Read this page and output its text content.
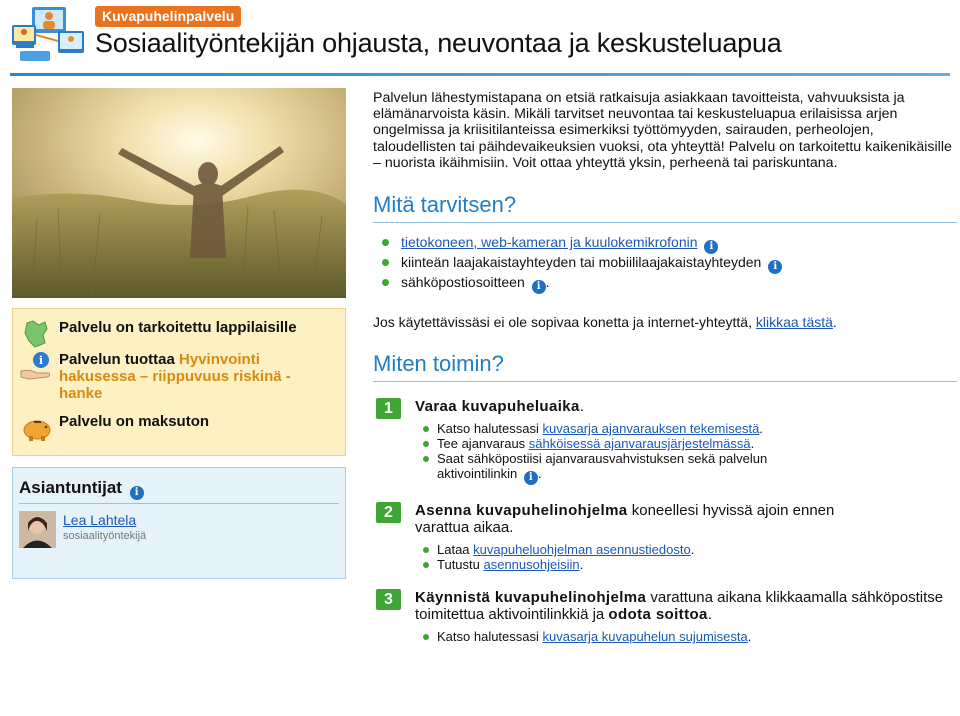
Kuvapuhelinpalvelu
Sosiaalityöntekijän ohjausta, neuvontaa ja keskusteluapua
Palvelu on tarkoitettu lappilaisille
i Palvelun tuottaa Hyvinvointi hakusessa – riippuvuus riskinä -hanke
Palvelu on maksuton
Asiantuntijat i
Lea Lahtela
sosiaalityöntekijä

Palvelun lähestymistapana on etsiä ratkaisuja asiakkaan tavoitteista, vahvuuksista ja elämänarvoista käsin. Mikäli tarvitset neuvontaa tai keskusteluapua erilaisissa arjen ongelmissa ja kriisitilanteissa esimerkiksi työttömyyden, sairauden, perheolojen, taloudellisten tai päihdevaikeuksien vuoksi, ota yhteyttä! Palvelu on tarkoitettu kaikenikäisille – nuorista ikäihmisiin. Voit ottaa yhteyttä yksin, perheenä tai pariskuntana.

Mitä tarvitsen?
tietokoneen, web-kameran ja kuulokemikrofonin i
kiinteän laajakaistayhteyden tai mobiililaajakaistayhteyden i
sähköpostiosoitteen i .

Jos käytettävissäsi ei ole sopivaa konetta ja internet-yhteyttä, klikkaa tästä.

Miten toimin?
1	Varaa kuvapuheluaika.
Katso halutessasi kuvasarja ajanvarauksen tekemisestä.
Tee ajanvaraus sähköisessä ajanvarausjärjestelmässä.
Saat sähköpostiisi ajanvarausvahvistuksen sekä palvelun aktivointilinkin i .
2	Asenna kuvapuhelinohjelma koneellesi hyvissä ajoin ennen varattua aikaa.
Lataa kuvapuheluohjelman asennustiedosto.
Tutustu asennusohjeisiin.
3	Käynnistä kuvapuhelinohjelma varattuna aikana klikkaamalla sähköpostitse toimitettua aktivointilinkkiä ja odota soittoa.
Katso halutessasi kuvasarja kuvapuhelun sujumisesta.
